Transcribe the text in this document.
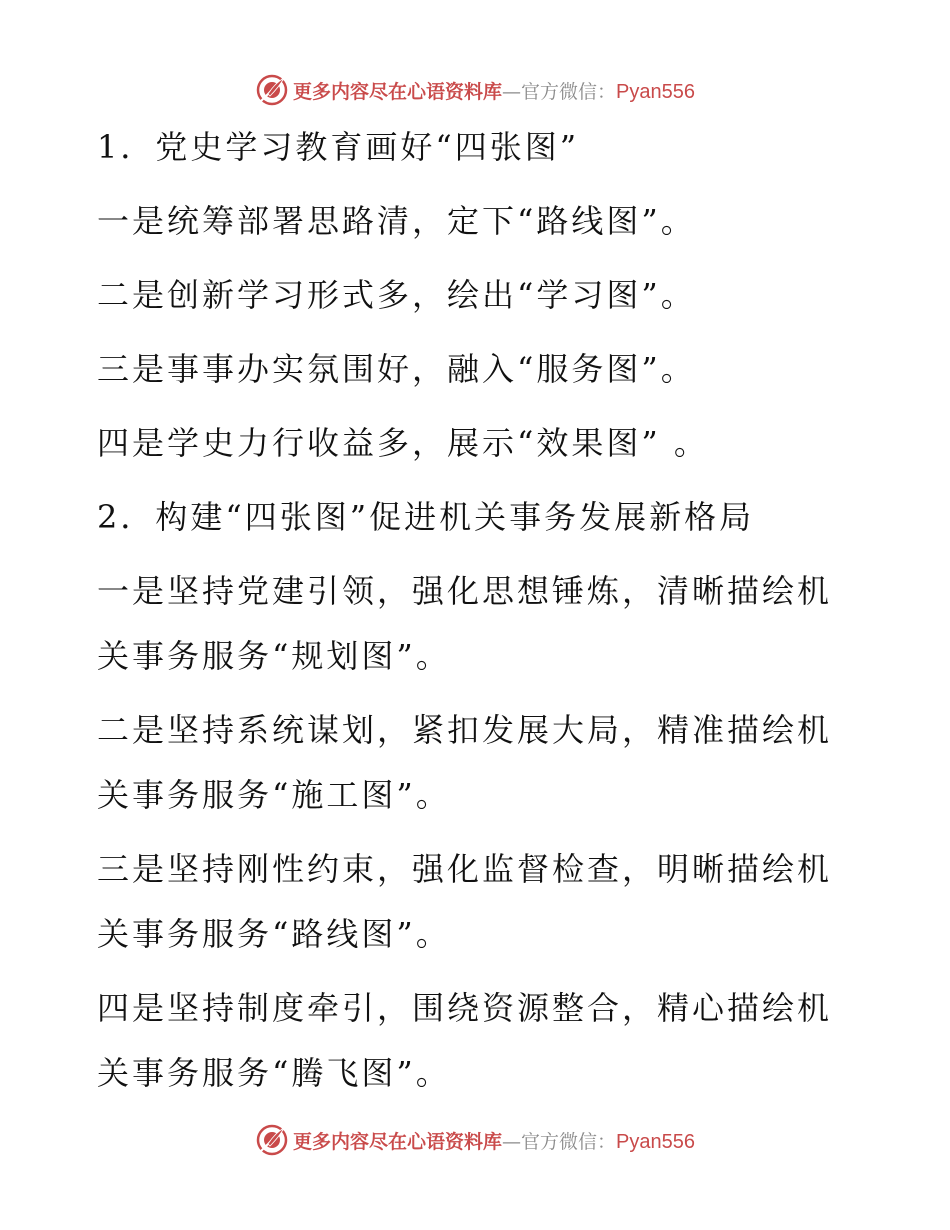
更多内容尽在心语资料库—官方微信：Pyan556
1．党史学习教育画好“四张图”
一是统筹部署思路清，定下“路线图”。
二是创新学习形式多，绘出“学习图”。
三是事事办实氛围好，融入“服务图”。
四是学史力行收益多，展示“效果图” 。
2．构建“四张图”促进机关事务发展新格局
一是坚持党建引领，强化思想锤炼，清晰描绘机
关事务服务“规划图”。
二是坚持系统谋划，紧扣发展大局，精准描绘机
关事务服务“施工图”。
三是坚持刚性约束，强化监督检查，明晰描绘机
关事务服务“路线图”。
四是坚持制度牵引，围绕资源整合，精心描绘机
关事务服务“腾飞图”。
更多内容尽在心语资料库—官方微信：Pyan556
